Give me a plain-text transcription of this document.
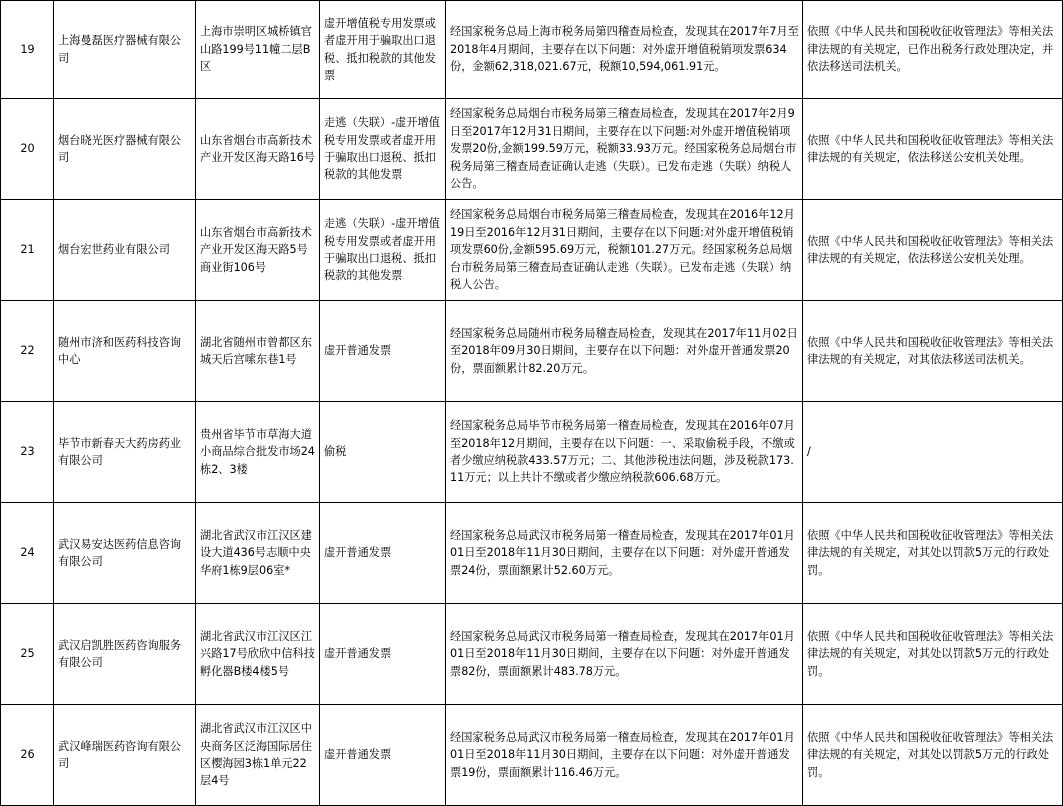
19	上海曼磊医疗器械有限公司	上海市崇明区城桥镇官山路199号11幢二层B区	虚开增值税专用发票或者虚开用于骗取出口退税、抵扣税款的其他发票	经国家税务总局上海市税务局第四稽查局检查，发现其在2017年7月至2018年4月期间，主要存在以下问题：对外虚开增值税销项发票634份，金额62,318,021.67元，税额10,594,061.91元。	依照《中华人民共和国税收征收管理法》等相关法律法规的有关规定，已作出税务行政处理决定，并依法移送司法机关。
20	烟台晓光医疗器械有限公司	山东省烟台市高新技术产业开发区海天路16号	走逃（失联）-虚开增值税专用发票或者虚开用于骗取出口退税、抵扣税款的其他发票	经国家税务总局烟台市税务局第三稽查局检查，发现其在2017年2月9日至2017年12月31日期间，主要存在以下问题:对外虚开增值税销项发票20份,金额199.59万元，税额33.93万元。经国家税务总局烟台市税务局第三稽查局查证确认走逃（失联）。已发布走逃（失联）纳税人公告。	依照《中华人民共和国税收征收管理法》等相关法律法规的有关规定，依法移送公安机关处理。
21	烟台宏世药业有限公司	山东省烟台市高新技术产业开发区海天路5号商业街106号	走逃（失联）-虚开增值税专用发票或者虚开用于骗取出口退税、抵扣税款的其他发票	经国家税务总局烟台市税务局第三稽查局检查，发现其在2016年12月19日至2016年12月31日期间，主要存在以下问题:对外虚开增值税销项发票60份,金额595.69万元，税额101.27万元。经国家税务总局烟台市税务局第三稽查局查证确认走逃（失联）。已发布走逃（失联）纳税人公告。	依照《中华人民共和国税收征收管理法》等相关法律法规的有关规定，依法移送公安机关处理。
22	随州市济和医药科技咨询中心	湖北省随州市曾都区东城天后宫嗦东巷1号	虚开普通发票	经国家税务总局随州市税务局稽查局检查，发现其在2017年11月02日至2018年09月30日期间，主要存在以下问题：对外虚开普通发票20份，票面额累计82.20万元。	依照《中华人民共和国税收征收管理法》等相关法律法规的有关规定，对其依法移送司法机关。
23	毕节市新春天大药房药业有限公司	贵州省毕节市草海大道小商品综合批发市场24栋2、3楼	偷税	经国家税务总局毕节市税务局第一稽查局检查，发现其在2016年07月至2018年12月期间，主要存在以下问题：一、采取偷税手段，不缴或者少缴应纳税款433.57万元；二、其他涉税违法问题，涉及税款173.11万元；以上共计不缴或者少缴应纳税款606.68万元。	/
24	武汉易安达医药信息咨询有限公司	湖北省武汉市江汉区建设大道436号志顺中央华府1栋9层06室*	虚开普通发票	经国家税务总局武汉市税务局第一稽查局检查，发现其在2017年01月01日至2018年11月30日期间，主要存在以下问题：对外虚开普通发票24份，票面额累计52.60万元。	依照《中华人民共和国税收征收管理法》等相关法律法规的有关规定，对其处以罚款5万元的行政处罚。
25	武汉启凯胜医药咨询服务有限公司	湖北省武汉市江汉区江兴路17号欣欣中信科技孵化器B楼4楼5号	虚开普通发票	经国家税务总局武汉市税务局第一稽查局检查，发现其在2017年01月01日至2018年11月30日期间，主要存在以下问题：对外虚开普通发票82份，票面额累计483.78万元。	依照《中华人民共和国税收征收管理法》等相关法律法规的有关规定，对其处以罚款5万元的行政处罚。
26	武汉峰瑞医药咨询有限公司	湖北省武汉市江汉区中央商务区泛海国际居住区樱海园3栋1单元22层4号	虚开普通发票	经国家税务总局武汉市税务局第一稽查局检查，发现其在2017年01月01日至2018年11月30日期间，主要存在以下问题：对外虚开普通发票19份，票面额累计116.46万元。	依照《中华人民共和国税收征收管理法》等相关法律法规的有关规定，对其处以罚款5万元的行政处罚。
